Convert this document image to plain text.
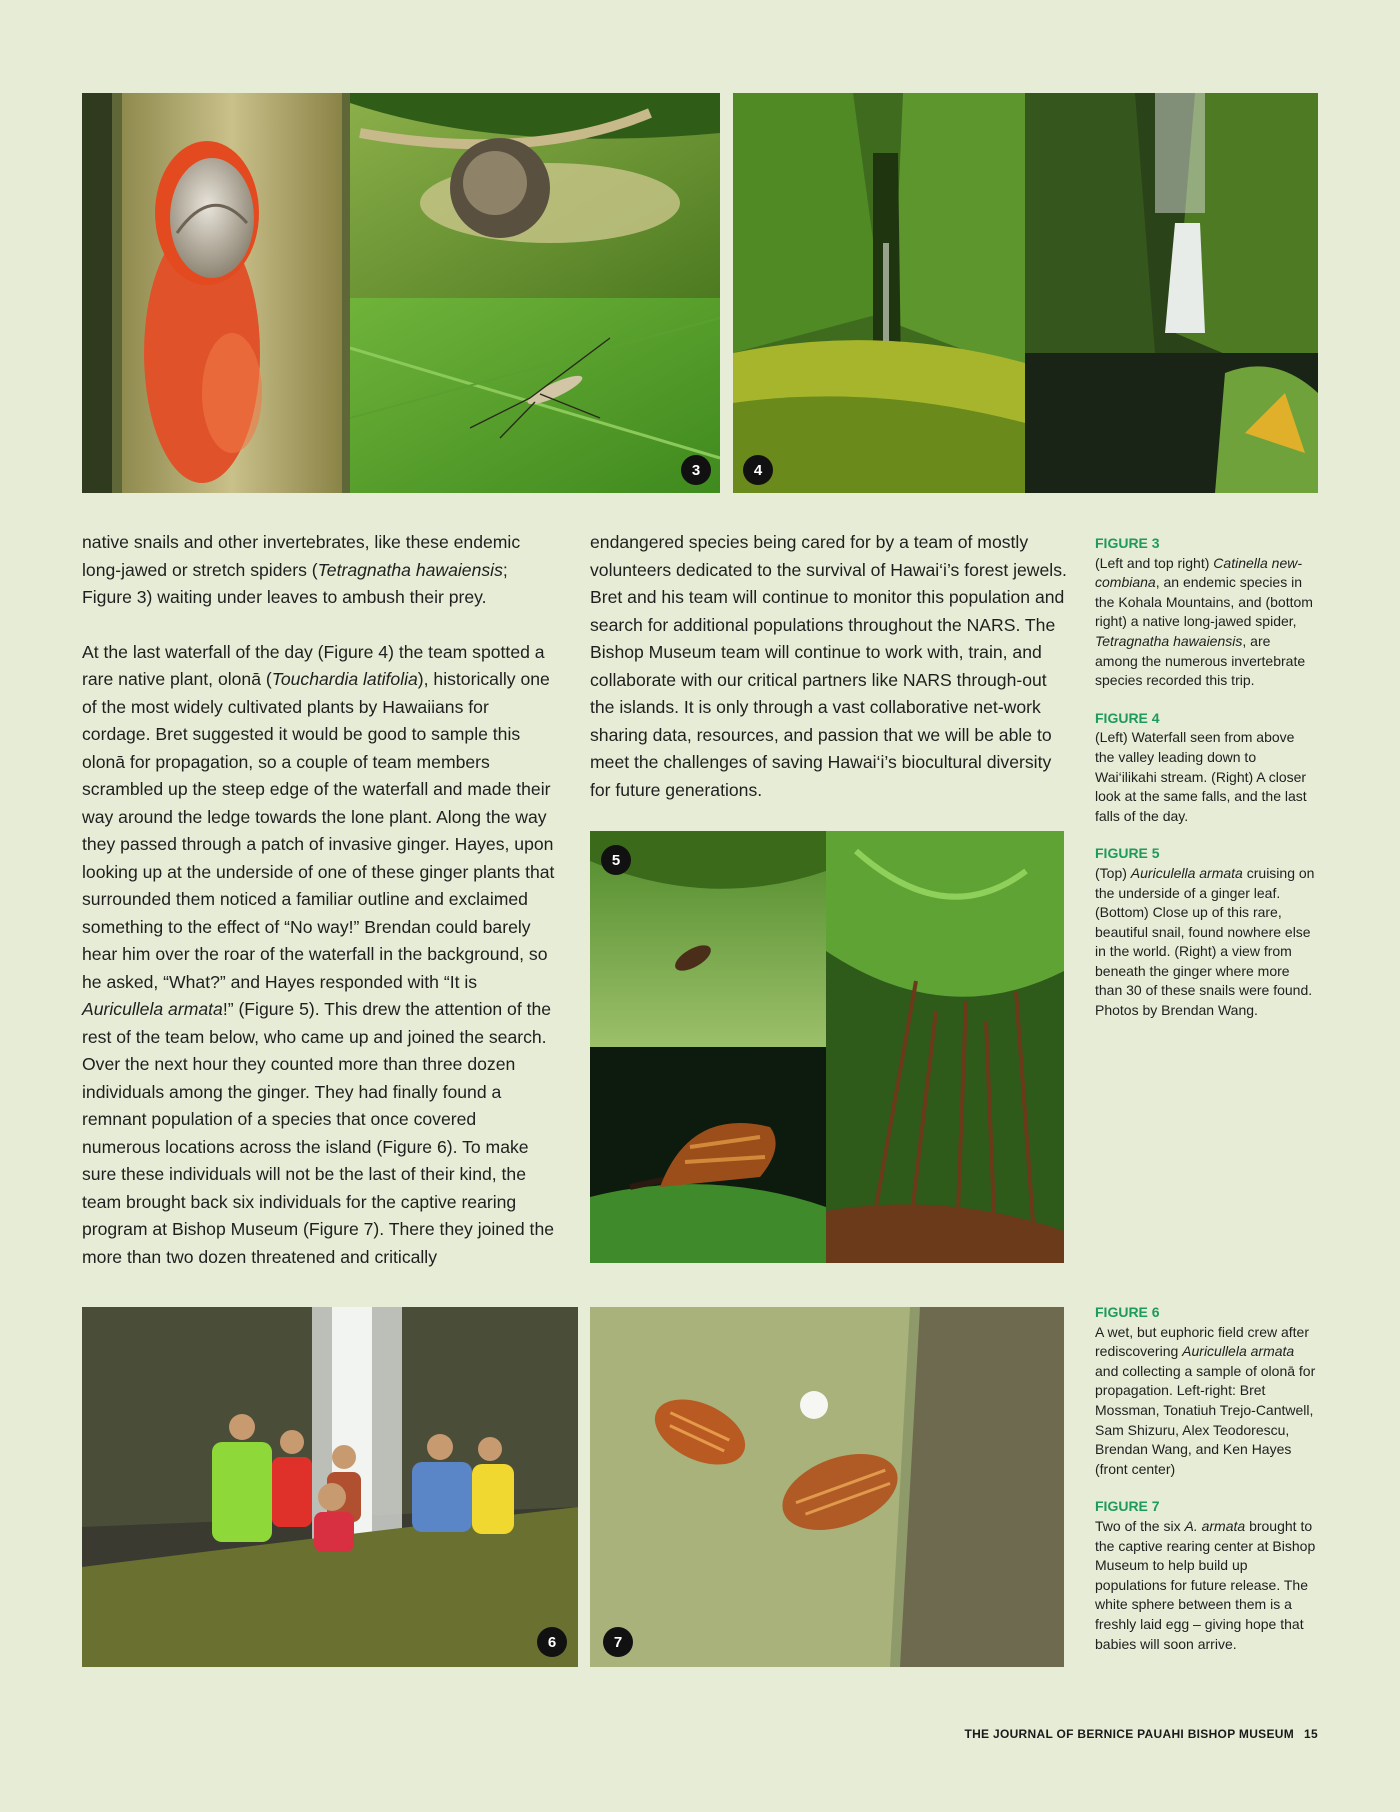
3	4

native snails and other invertebrates, like these endemic long-jawed or stretch spiders (Tetragnatha hawaiensis; Figure 3) waiting under leaves to ambush their prey.

At the last waterfall of the day (Figure 4) the team spotted a rare native plant, olonā (Touchardia latifolia), historically one of the most widely cultivated plants by Hawaiians for cordage. Bret suggested it would be good to sample this olonā for propagation, so a couple of team members scrambled up the steep edge of the waterfall and made their way around the ledge towards the lone plant. Along the way they passed through a patch of invasive ginger. Hayes, upon looking up at the underside of one of these ginger plants that surrounded them noticed a familiar outline and exclaimed something to the effect of “No way!” Brendan could barely hear him over the roar of the waterfall in the background, so he asked, “What?” and Hayes responded with “It is Auricullela armata!” (Figure 5). This drew the attention of the rest of the team below, who came up and joined the search. Over the next hour they counted more than three dozen individuals among the ginger. They had finally found a remnant population of a species that once covered numerous locations across the island (Figure 6). To make sure these individuals will not be the last of their kind, the team brought back six individuals for the captive rearing program at Bishop Museum (Figure 7). There they joined the more than two dozen threatened and critically

endangered species being cared for by a team of mostly volunteers dedicated to the survival of Hawai‘i’s forest jewels. Bret and his team will continue to monitor this population and search for additional populations throughout the NARS. The Bishop Museum team will continue to work with, train, and collaborate with our critical partners like NARS through-out the islands. It is only through a vast collaborative net-work sharing data, resources, and passion that we will be able to meet the challenges of saving Hawai‘i’s biocultural diversity for future generations.

FIGURE 3
(Left and top right) Catinella new-combiana, an endemic species in the Kohala Mountains, and (bottom right) a native long-jawed spider, Tetragnatha hawaiensis, are among the numerous invertebrate species recorded this trip.
FIGURE 4
(Left) Waterfall seen from above the valley leading down to Wai‘ilikahi stream. (Right) A closer look at the same falls, and the last falls of the day.
FIGURE 5
(Top) Auriculella armata cruising on the underside of a ginger leaf. (Bottom) Close up of this rare, beautiful snail, found nowhere else in the world. (Right) a view from beneath the ginger where more than 30 of these snails were found. Photos by Brendan Wang.
5
6	7
FIGURE 6
A wet, but euphoric field crew after rediscovering Auricullela armata and collecting a sample of olonā for propagation. Left-right: Bret Mossman, Tonatiuh Trejo-Cantwell, Sam Shizuru, Alex Teodorescu, Brendan Wang, and Ken Hayes (front center)
FIGURE 7
Two of the six A. armata brought to the captive rearing center at Bishop Museum to help build up populations for future release. The white sphere between them is a freshly laid egg – giving hope that babies will soon arrive.
THE JOURNAL OF BERNICE PAUAHI BISHOP MUSEUM 15
